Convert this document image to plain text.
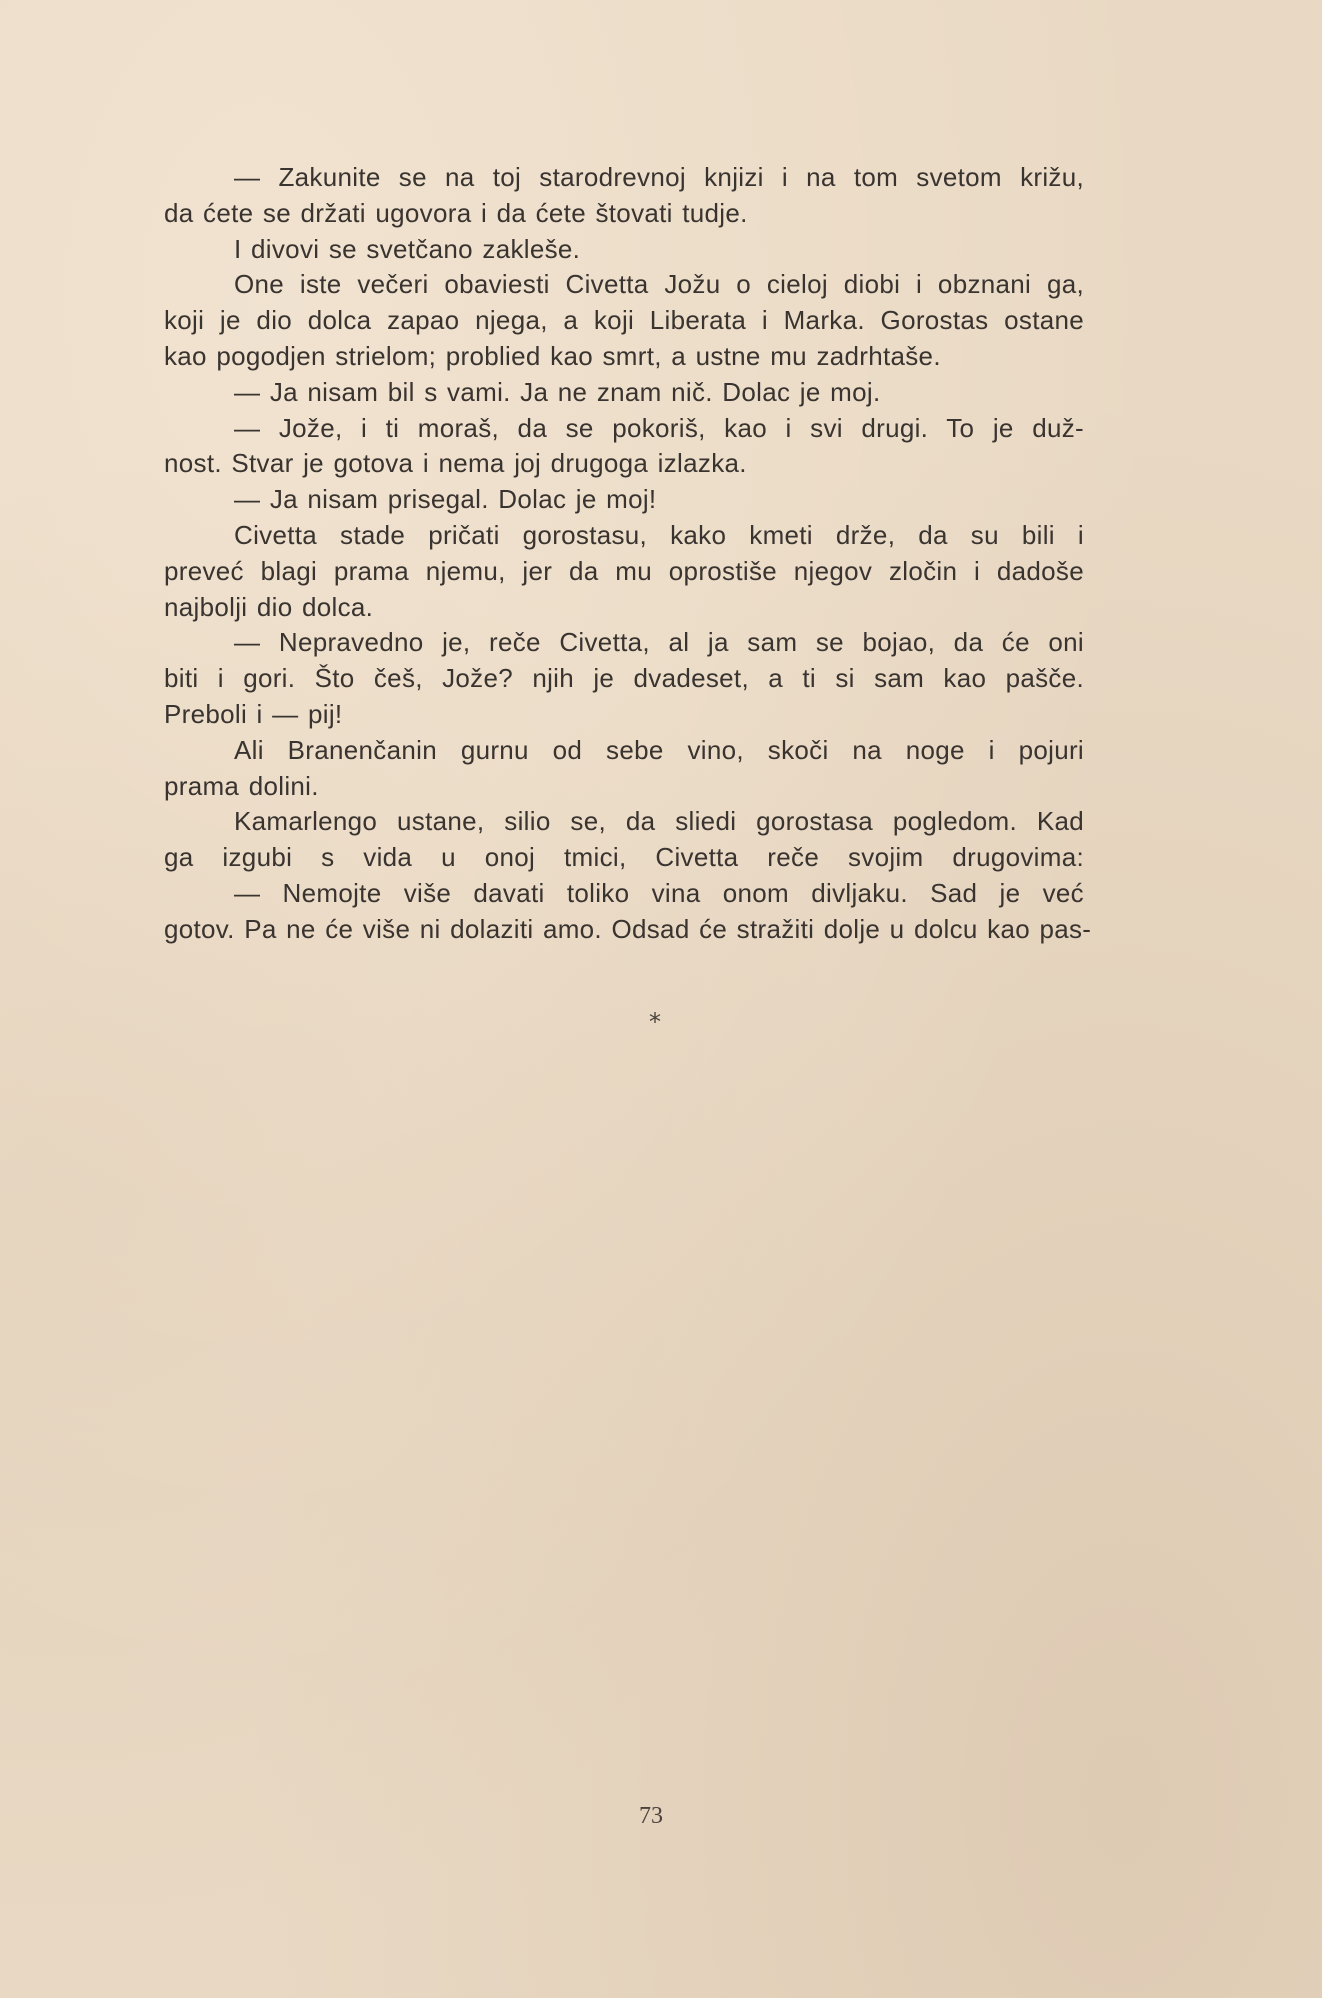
— Zakunite se na toj starodrevnoj knjizi i na tom svetom križu,
da ćete se držati ugovora i da ćete štovati tudje.
I divovi se svetčano zakleše.
One iste večeri obaviesti Civetta Jožu o cieloj diobi i obznani ga,
koji je dio dolca zapao njega, a koji Liberata i Marka. Gorostas ostane
kao pogodjen strielom; problied kao smrt, a ustne mu zadrhtaše.
— Ja nisam bil s vami. Ja ne znam nič. Dolac je moj.
— Jože, i ti moraš, da se pokoriš, kao i svi drugi. To je duž-
nost. Stvar je gotova i nema joj drugoga izlazka.
— Ja nisam prisegal. Dolac je moj!
Civetta stade pričati gorostasu, kako kmeti drže, da su bili i
preveć blagi prama njemu, jer da mu oprostiše njegov zločin i dadoše
najbolji dio dolca.
— Nepravedno je, reče Civetta, al ja sam se bojao, da će oni
biti i gori. Što češ, Jože? njih je dvadeset, a ti si sam kao pašče.
Preboli i — pij!
Ali Branenčanin gurnu od sebe vino, skoči na noge i pojuri
prama dolini.
Kamarlengo ustane, silio se, da sliedi gorostasa pogledom. Kad
ga izgubi s vida u onoj tmici, Civetta reče svojim drugovima:
— Nemojte više davati toliko vina onom divljaku. Sad je već
gotov. Pa ne će više ni dolaziti amo. Odsad će stražiti dolje u dolcu kao pas-
*
73
